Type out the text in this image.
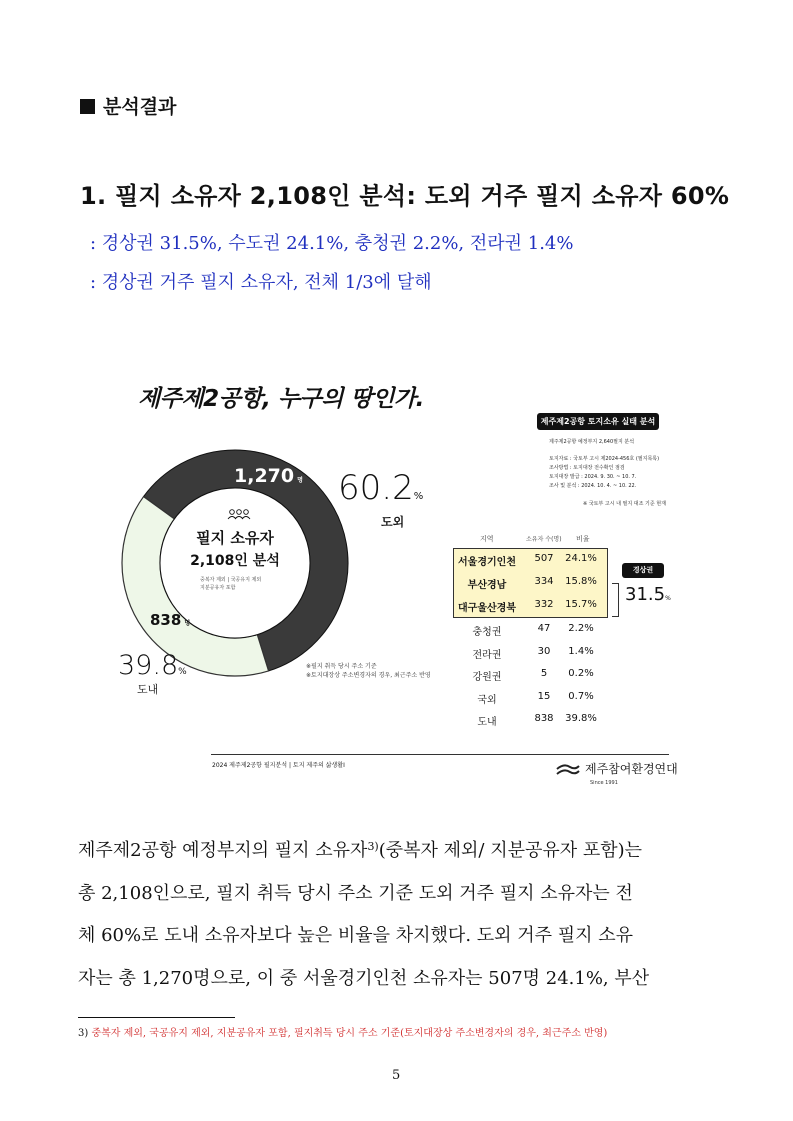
분석결과
1. 필지 소유자 2,108인 분석: 도외 거주 필지 소유자 60%
: 경상권 31.5%, 수도권 24.1%, 충청권 2.2%, 전라권 1.4%
: 경상권 거주 필지 소유자, 전체 1/3에 달해
제주제2공항, 누구의 땅인가.
필지 소유자
2,108인 분석
중복자 제외 | 국공유지 제외
지분공유자 포함
1,270 명
838 명
60.2%
도외
39.8%
도내
※필지 취득 당시 주소 기준
※토지대장상 주소변경자의 경우, 최근주소 반영
제주제2공항 토지소유 실태 분석
제주제2공항 예정부지 2,640필지 분석
토지자료 : 국토부 고시 제2024-456호 (필지목록)
조사방법 : 토지대장 전수확인 점검
토지대장 발급 : 2024. 9. 30. ~ 10. 7.
조사 및 분석 : 2024. 10. 4. ~ 10. 22.
※ 국토부 고시 내 필지 대조 기준 현재
지역	소유자 수(명) 비율
서울경기인천	507	24.1%
부산경남	334	15.8%
대구울산경북	332	15.7%
충청권	47	2.2%
전라권	30	1.4%
강원권	5	0.2%
국외	15	0.7%
도내	838	39.8%
경상권
31.5%
2024 제주제2공항 필지분석 | 토지 제주의 삶생활I	제주참여환경연대
Since 1991
제주제2공항 예정부지의 필지 소유자$^{3)}$(중복자 제외/ 지분공유자 포함)는
총 2,108인으로, 필지 취득 당시 주소 기준 도외 거주 필지 소유자는 전
체 60%로 도내 소유자보다 높은 비율을 차지했다. 도외 거주 필지 소유
자는 총 1,270명으로, 이 중 서울경기인천 소유자는 507명 24.1%, 부산
3) 중복자 제외, 국공유지 제외, 지분공유자 포함, 필지취득 당시 주소 기준(토지대장상 주소변경자의 경우, 최근주소 반영)
5
